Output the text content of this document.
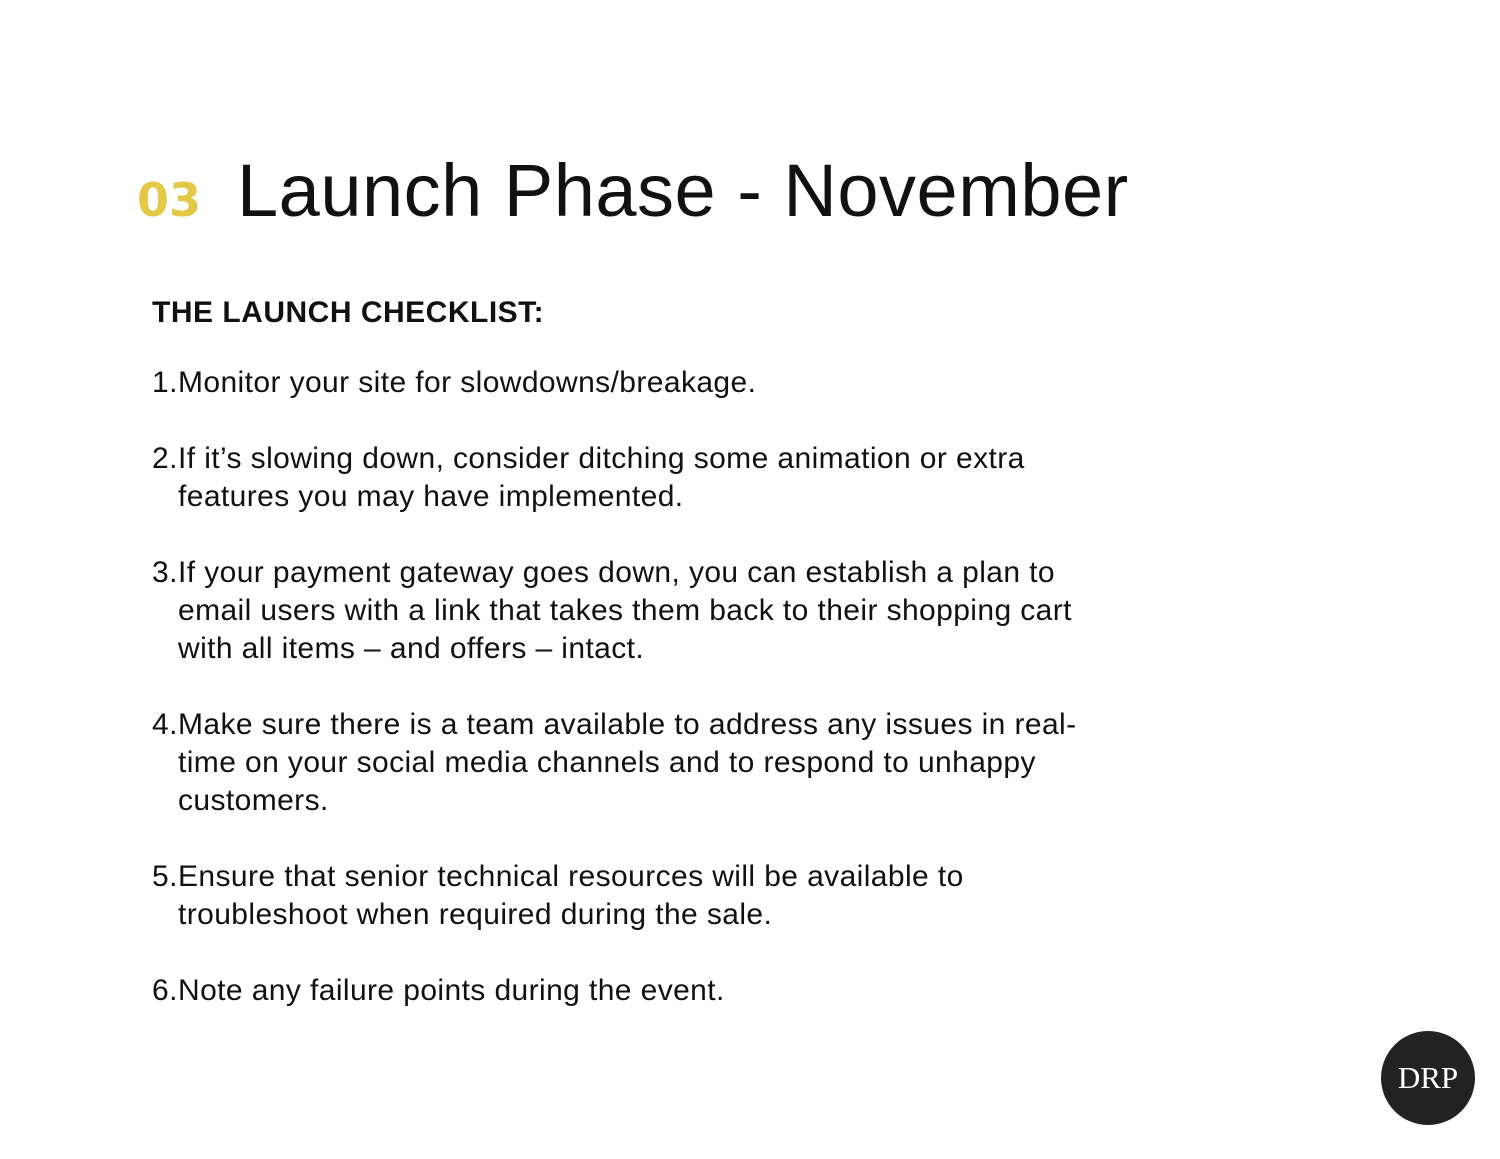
03 Launch Phase - November
THE LAUNCH CHECKLIST:
1. Monitor your site for slowdowns/breakage.
2. If it’s slowing down, consider ditching some animation or extra features you may have implemented.
3. If your payment gateway goes down, you can establish a plan to email users with a link that takes them back to their shopping cart with all items – and offers – intact.
4. Make sure there is a team available to address any issues in real-time on your social media channels and to respond to unhappy customers.
5. Ensure that senior technical resources will be available to troubleshoot when required during the sale.
6. Note any failure points during the event.
DRP
